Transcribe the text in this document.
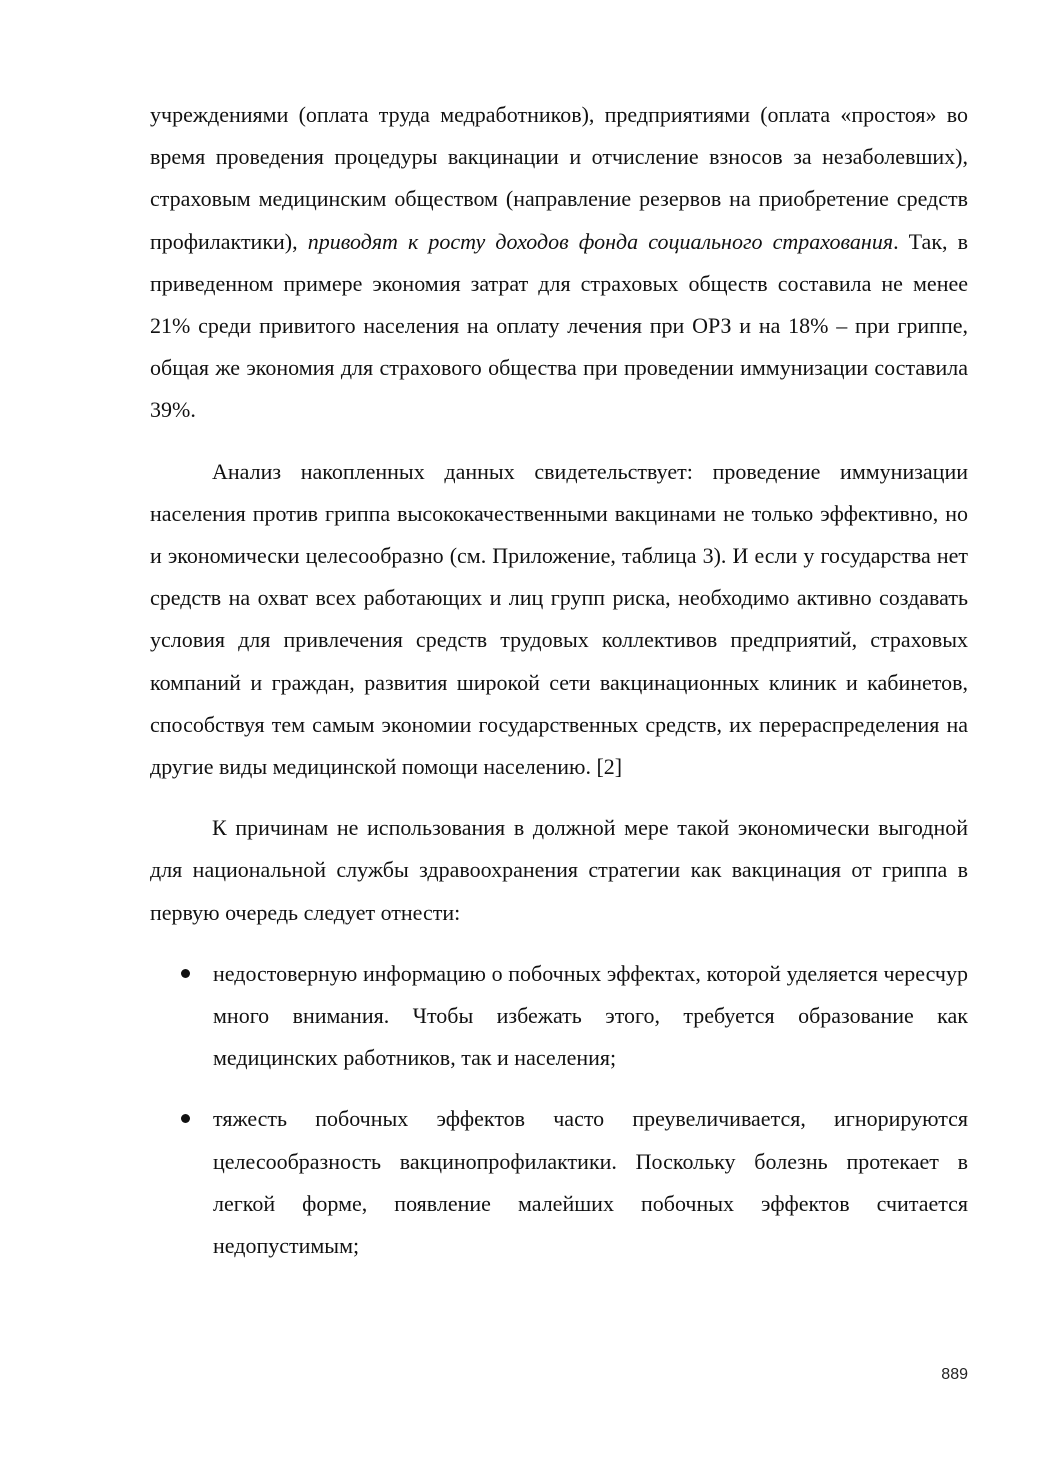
учреждениями (оплата труда медработников), предприятиями (оплата «простоя» во время проведения процедуры вакцинации и отчисление взносов за незаболевших), страховым медицинским обществом (направление резервов на приобретение средств профилактики), приводят к росту доходов фонда социального страхования. Так, в приведенном примере экономия затрат для страховых обществ составила не менее 21% среди привитого населения на оплату лечения при ОРЗ и на 18% – при гриппе, общая же экономия для страхового общества при проведении иммунизации составила 39%.

Анализ накопленных данных свидетельствует: проведение иммунизации населения против гриппа высококачественными вакцинами не только эффективно, но и экономически целесообразно (см. Приложение, таблица 3). И если у государства нет средств на охват всех работающих и лиц групп риска, необходимо активно создавать условия для привлечения средств трудовых коллективов предприятий, страховых компаний и граждан, развития широкой сети вакцинационных клиник и кабинетов, способствуя тем самым экономии государственных средств, их перераспределения на другие виды медицинской помощи населению. [2]

К причинам не использования в должной мере такой экономически выгодной для национальной службы здравоохранения стратегии как вакцинация от гриппа в первую очередь следует отнести:

недостоверную информацию о побочных эффектах, которой уделяется чересчур много внимания. Чтобы избежать этого, требуется образование как медицинских работников, так и населения;
тяжесть побочных эффектов часто преувеличивается, игнорируются целесообразность вакцинопрофилактики. Поскольку болезнь протекает в легкой форме, появление малейших побочных эффектов считается недопустимым;
889
